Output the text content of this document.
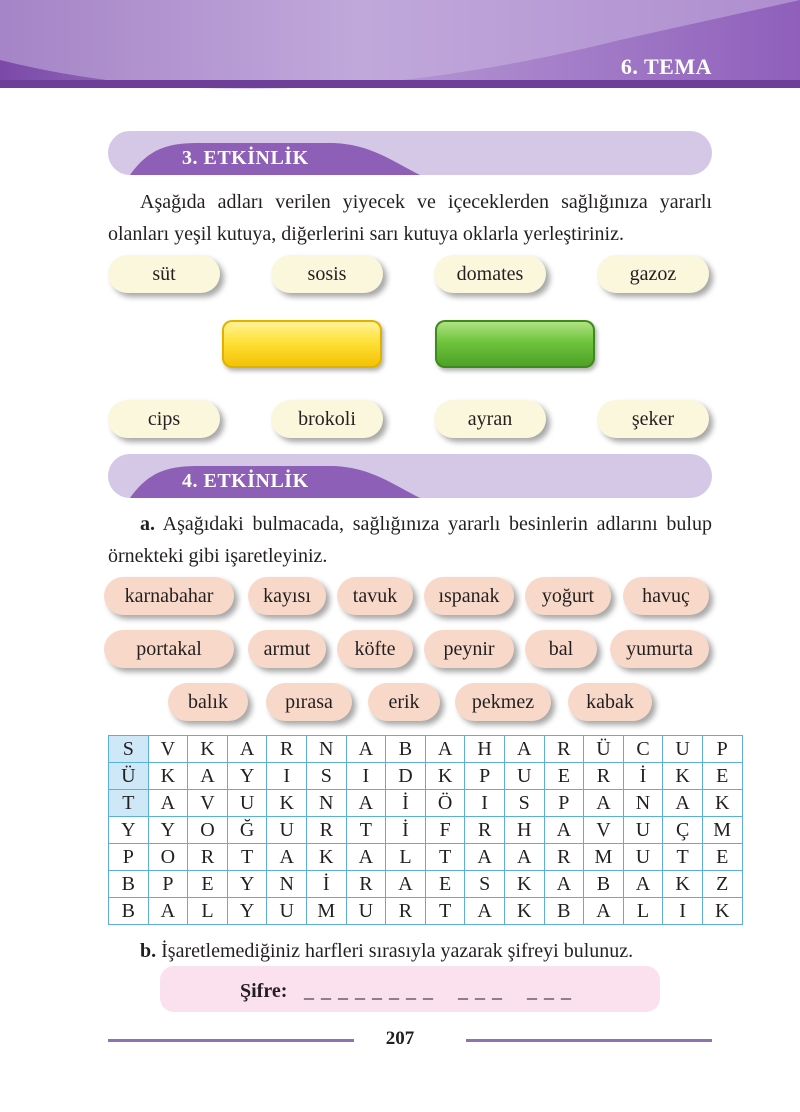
6. TEMA
3. ETKİNLİK
Aşağıda adları verilen yiyecek ve içeceklerden sağlığınıza yararlı olanları yeşil kutuya, diğerlerini sarı kutuya oklarla yerleştiriniz.
süt	sosis	domates	gazoz
cips	brokoli	ayran	şeker
4. ETKİNLİK
a. Aşağıdaki bulmacada, sağlığınıza yararlı besinlerin adlarını bulup örnekteki gibi işaretleyiniz.
karnabahar	kayısı	tavuk	ıspanak	yoğurt	havuç
portakal	armut	köfte	peynir	bal	yumurta
balık	pırasa	erik	pekmez	kabak
S	V	K	A	R	N	A	B	A	H	A	R	Ü	C	U	P
Ü	K	A	Y	I	S	I	D	K	P	U	E	R	İ	K	E
T	A	V	U	K	N	A	İ	Ö	I	S	P	A	N	A	K
Y	Y	O	Ğ	U	R	T	İ	F	R	H	A	V	U	Ç	M
P	O	R	T	A	K	A	L	T	A	A	R	M	U	T	E
B	P	E	Y	N	İ	R	A	E	S	K	A	B	A	K	Z
B	A	L	Y	U	M	U	R	T	A	K	B	A	L	I	K
b. İşaretlemediğiniz harfleri sırasıyla yazarak şifreyi bulunuz.
Şifre: _ _ _ _ _ _ _ _    _ _ _    _ _ _
207
